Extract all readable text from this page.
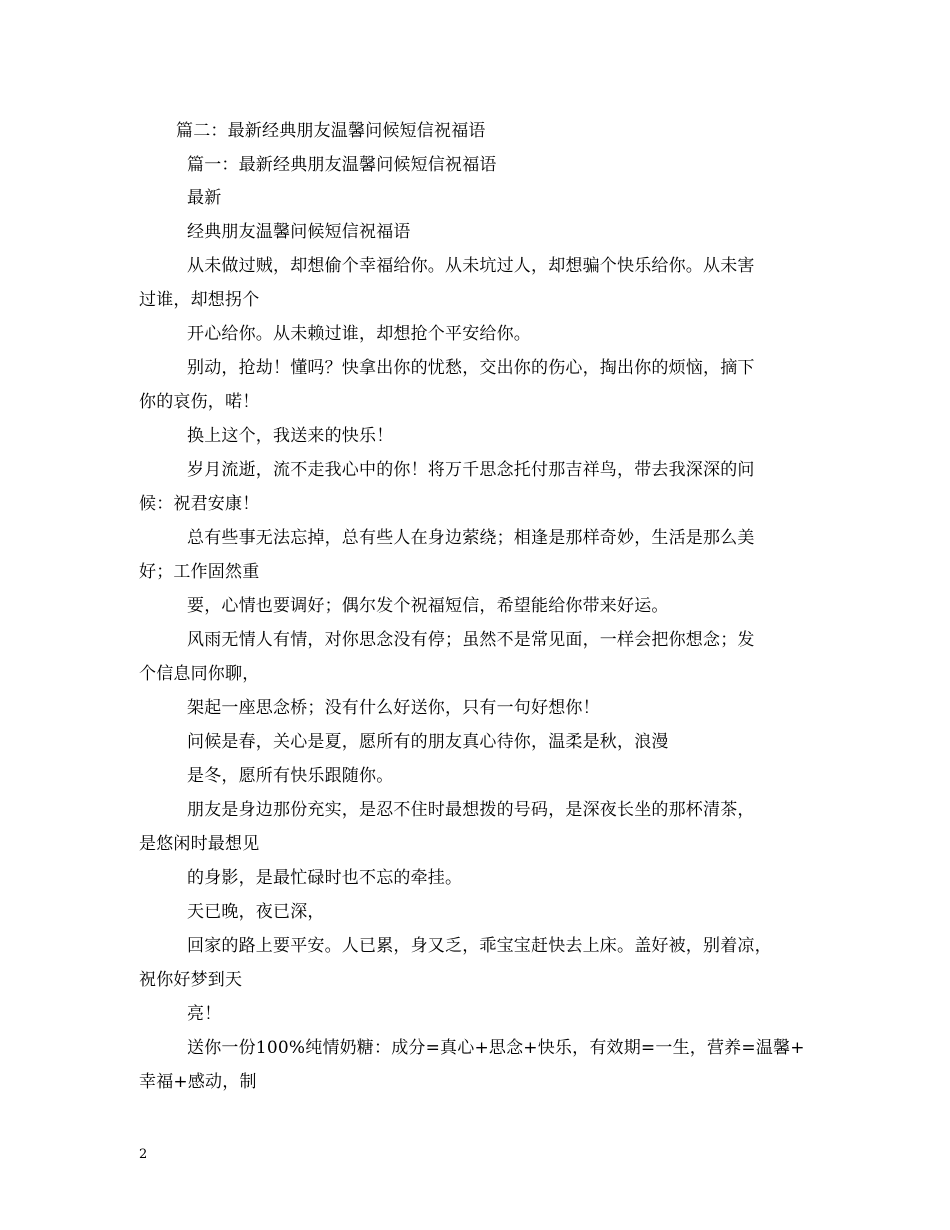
篇二：最新经典朋友温馨问候短信祝福语
篇一：最新经典朋友温馨问候短信祝福语
最新
经典朋友温馨问候短信祝福语
从未做过贼，却想偷个幸福给你。从未坑过人，却想骗个快乐给你。从未害
过谁，却想拐个
开心给你。从未赖过谁，却想抢个平安给你。
别动，抢劫！懂吗？快拿出你的忧愁，交出你的伤心，掏出你的烦恼，摘下
你的哀伤，喏！
换上这个，我送来的快乐！
岁月流逝，流不走我心中的你！将万千思念托付那吉祥鸟，带去我深深的问
候：祝君安康！
总有些事无法忘掉，总有些人在身边萦绕；相逢是那样奇妙，生活是那么美
好；工作固然重
要，心情也要调好；偶尔发个祝福短信，希望能给你带来好运。
风雨无情人有情，对你思念没有停；虽然不是常见面，一样会把你想念；发
个信息同你聊，
架起一座思念桥；没有什么好送你，只有一句好想你！
问候是春，关心是夏，愿所有的朋友真心待你，温柔是秋，浪漫
是冬，愿所有快乐跟随你。
朋友是身边那份充实，是忍不住时最想拨的号码，是深夜长坐的那杯清茶，
是悠闲时最想见
的身影，是最忙碌时也不忘的牵挂。
天已晚，夜已深，
回家的路上要平安。人已累，身又乏，乖宝宝赶快去上床。盖好被，别着凉，
祝你好梦到天
亮！
送你一份100%纯情奶糖：成分=真心+思念+快乐，有效期=一生，营养=温馨+
幸福+感动，制
2
